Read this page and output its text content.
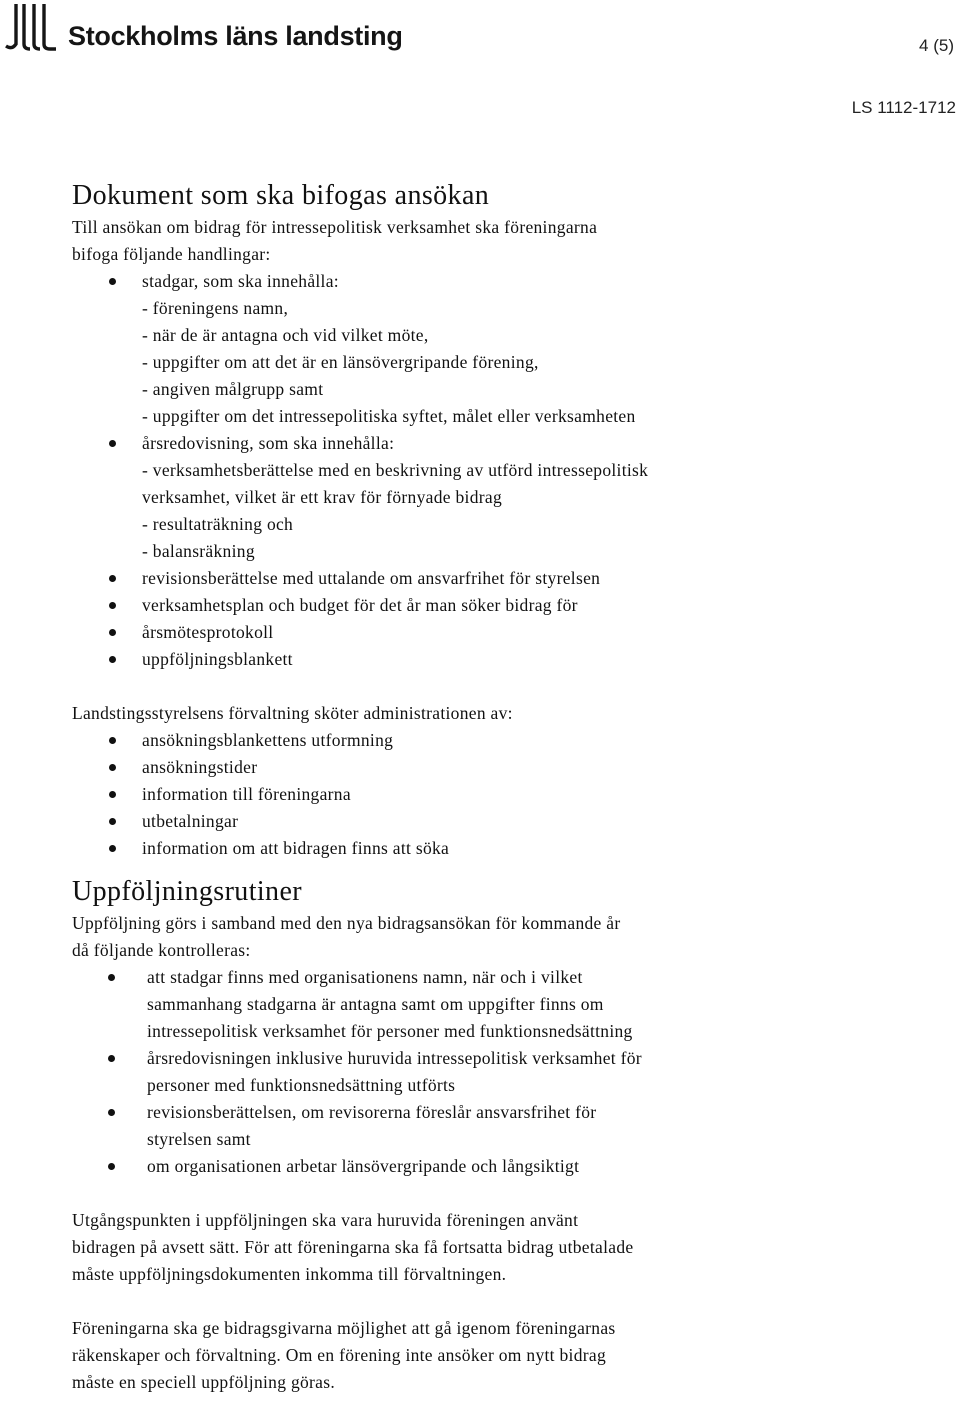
Stockholms läns landsting	4 (5)
LS 1112-1712
Dokument som ska bifogas ansökan

Till ansökan om bidrag för intressepolitisk verksamhet ska föreningarna
bifoga följande handlingar:

stadgar, som ska innehålla:
- föreningens namn,
- när de är antagna och vid vilket möte,
- uppgifter om att det är en länsövergripande förening,
- angiven målgrupp samt
- uppgifter om det intressepolitiska syftet, målet eller verksamheten
årsredovisning, som ska innehålla:
- verksamhetsberättelse med en beskrivning av utförd intressepolitisk
verksamhet, vilket är ett krav för förnyade bidrag
- resultaträkning och
- balansräkning
revisionsberättelse med uttalande om ansvarfrihet för styrelsen
verksamhetsplan och budget för det år man söker bidrag för
årsmötesprotokoll
uppföljningsblankett

Landstingsstyrelsens förvaltning sköter administrationen av:

ansökningsblankettens utformning
ansökningstider
information till föreningarna
utbetalningar
information om att bidragen finns att söka
Uppföljningsrutiner

Uppföljning görs i samband med den nya bidragsansökan för kommande år
då följande kontrolleras:

att stadgar finns med organisationens namn, när och i vilket
sammanhang stadgarna är antagna samt om uppgifter finns om
intressepolitisk verksamhet för personer med funktionsnedsättning
årsredovisningen inklusive huruvida intressepolitisk verksamhet för
personer med funktionsnedsättning utförts
revisionsberättelsen, om revisorerna föreslår ansvarsfrihet för
styrelsen samt
om organisationen arbetar länsövergripande och långsiktigt

Utgångspunkten i uppföljningen ska vara huruvida föreningen använt
bidragen på avsett sätt. För att föreningarna ska få fortsatta bidrag utbetalade
måste uppföljningsdokumenten inkomma till förvaltningen.

Föreningarna ska ge bidragsgivarna möjlighet att gå igenom föreningarnas
räkenskaper och förvaltning. Om en förening inte ansöker om nytt bidrag
måste en speciell uppföljning göras.
